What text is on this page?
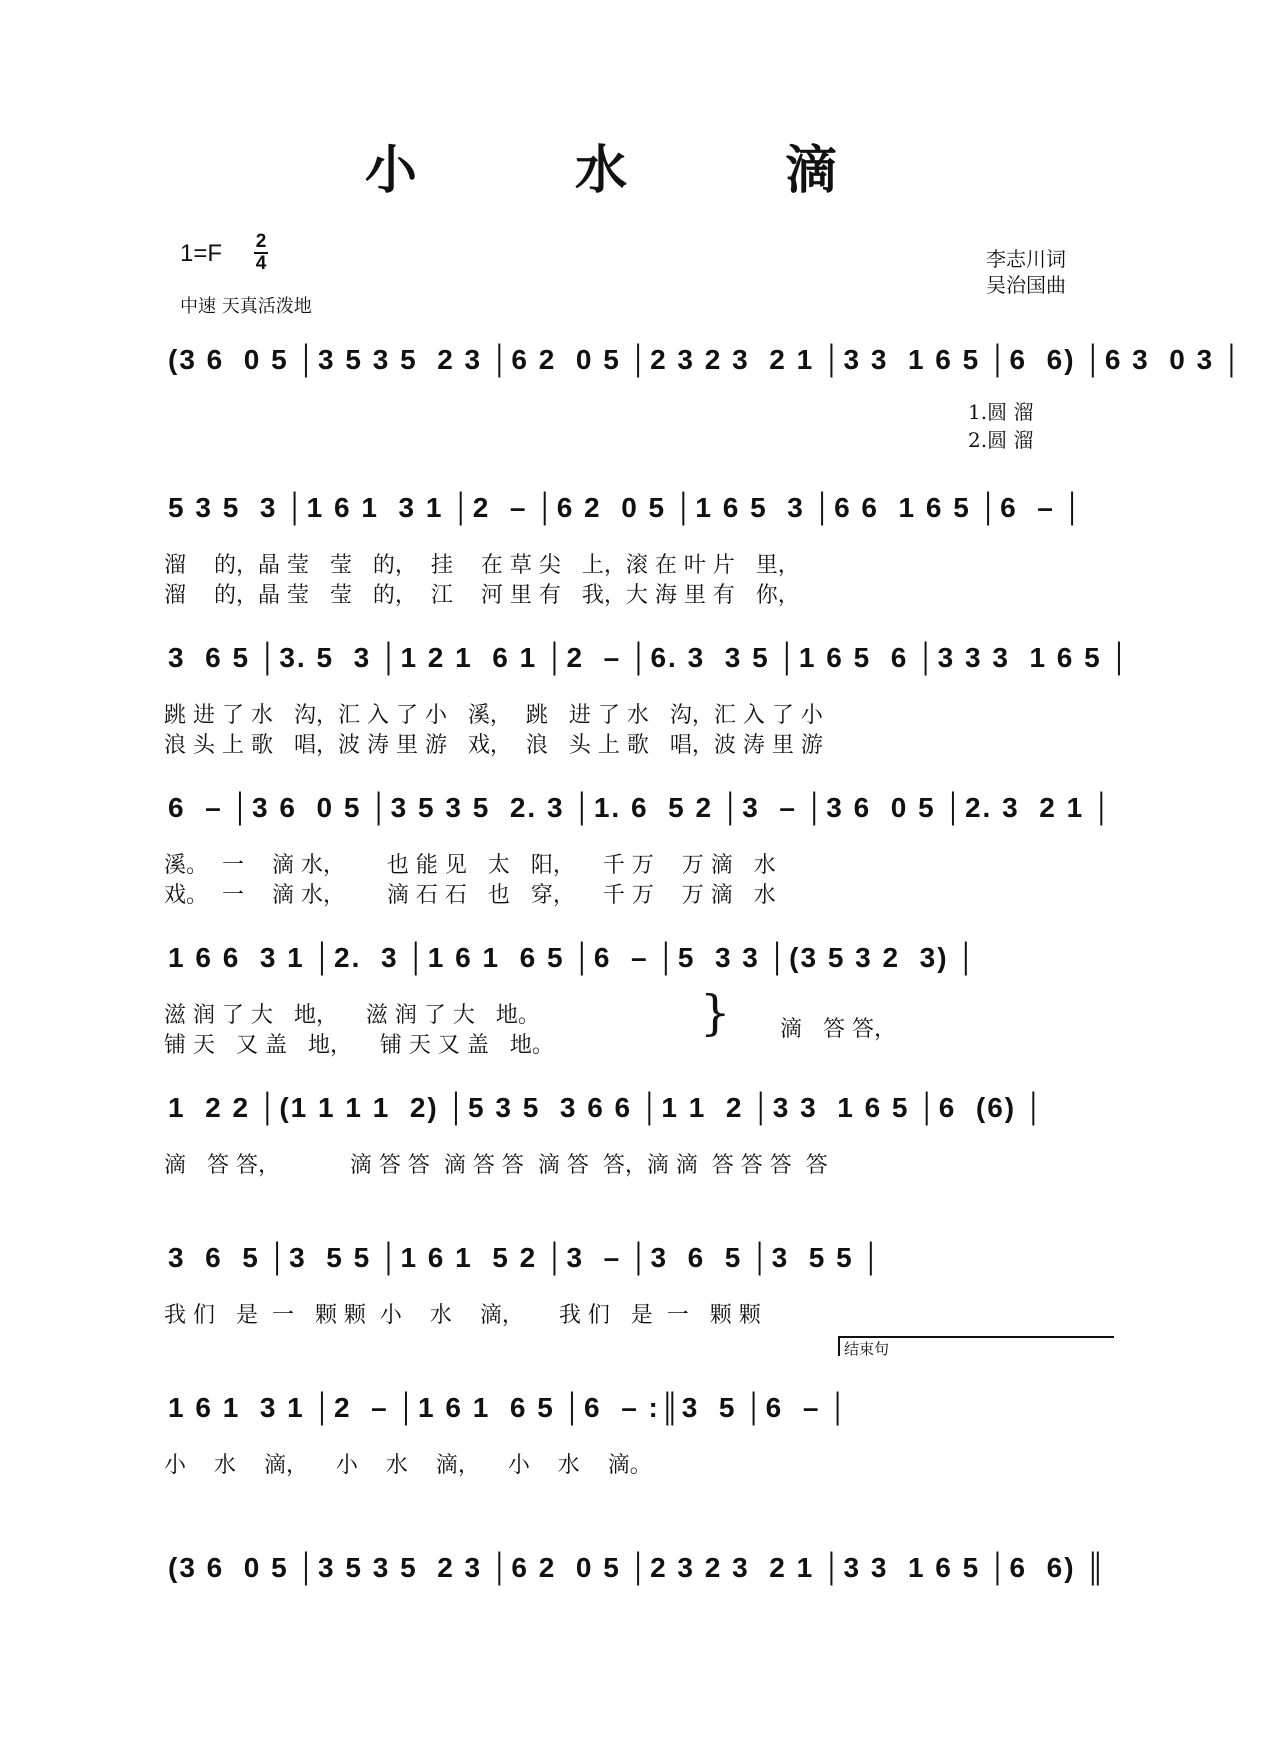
小 水 滴
1=F 2
4
中速 天真活泼地
李志川词
吴治国曲
(3 6  0 5 │3 5 3 5  2 3 │6 2  0 5 │2 3 2 3  2 1 │3 3  1 6 5 │6  6) │6 3  0 3 │
1.圆 溜
2.圆 溜
5 3 5  3 │1 6 1  3 1 │2  – │6 2  0 5 │1 6 5  3 │6 6  1 6 5 │6  – │
溜    的，晶 莹   莹   的，  挂    在 草 尖   上，滚 在 叶 片   里，
溜    的，晶 莹   莹   的，  江    河 里 有   我，大 海 里 有   你，
3  6 5 │3. 5  3 │1 2 1  6 1 │2  – │6. 3  3 5 │1 6 5  6 │3 3 3  1 6 5 │
跳 进 了 水   沟，汇 入 了 小   溪，  跳   进 了 水   沟，汇 入 了 小
浪 头 上 歌   唱，波 涛 里 游   戏，  浪   头 上 歌   唱，波 涛 里 游
6  – │3 6  0 5 │3 5 3 5  2. 3 │1. 6  5 2 │3  – │3 6  0 5 │2. 3  2 1 │
溪。  一    滴 水，      也 能 见   太   阳，    千 万    万 滴   水
戏。  一    滴 水，      滴 石 石   也   穿，    千 万    万 滴   水
1 6 6  3 1 │2.  3 │1 6 1  6 5 │6  – │5  3 3 │(3 5 3 2  3) │
滋 润 了 大   地，    滋 润 了 大   地。
铺 天   又 盖   地，    铺 天 又 盖   地。
滴   答 答，
}
1  2 2 │(1 1 1 1  2) │5 3 5  3 6 6 │1 1  2 │3 3  1 6 5 │6  (6) │
滴   答 答，          滴 答 答  滴 答 答  滴 答  答，滴 滴  答 答 答  答
3  6  5 │3  5 5 │1 6 1  5 2 │3  – │3  6  5 │3  5 5 │
我 们   是  一   颗 颗  小    水    滴，     我 们   是  一   颗 颗
结束句
1 6 1  3 1 │2  – │1 6 1  6 5 │6  – :║3  5 │6  – │
小    水    滴，    小    水    滴，    小    水    滴。
(3 6  0 5 │3 5 3 5  2 3 │6 2  0 5 │2 3 2 3  2 1 │3 3  1 6 5 │6  6) ║
